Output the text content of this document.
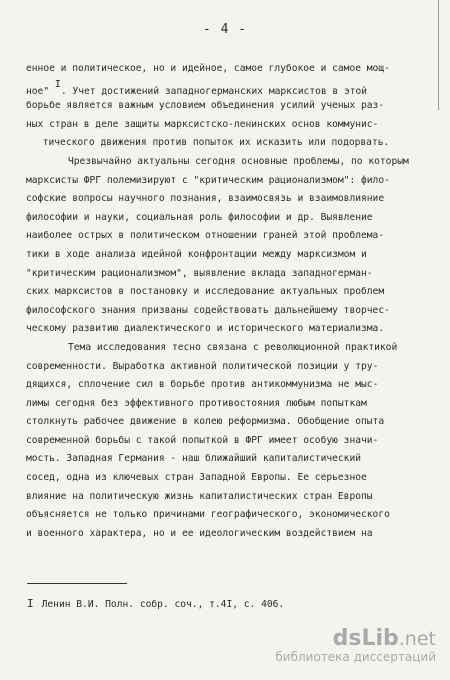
- 4 -
енное и политическое, но и идейное, самое глубокое и самое мощ-
ное" $^I$. Учет достижений западногерманских марксистов в этой
борьбе является важным условием объединения усилий ученых раз-
ных стран в деле защиты марксистско-ленинских основ коммунис-
тического движения против попыток их исказить или подорвать.
Чрезвычайно актуальны сегодня основные проблемы, по которым
марксисты ФРГ полемизируют с "критическим рационализмом": фило-
софские вопросы научного познания, взаимосвязь и взаимовлияние
философии и науки, социальная роль философии и др. Выявление
наиболее острых в политическом отношении граней этой проблема-
тики в ходе анализа идейной конфронтации между марксизмом и
"критическим рационализмом", выявление вклада западногерман-
ских марксистов в постановку и исследование актуальных проблем
философского знания призваны содействовать дальнейшему творчес-
ческому развитию диалектического и исторического материализма.
Тема исследования тесно связана с революционной практикой
современности. Выработка активной политической позиции у тру-
дящихся, сплочение сил в борьбе против антикоммунизма не мыс-
лимы сегодня без эффективного противостояния любым попыткам
столкнуть рабочее движение в колею реформизма. Обобщение опыта
современной борьбы с такой попыткой в ФРГ имеет особую значи-
мость. Западная Германия - наш ближайший капиталистический
сосед, одна из ключевых стран Западной Европы. Ее серьезное
влияние на политическую жизнь капиталистических стран Европы
объясняется не только причинами географического, экономического
и военного характера, но и ее идеологическим воздействием на
I Ленин В.И. Полн. собр. соч., т.4I, с. 406.
dsLib.net
библиотека диссертаций
